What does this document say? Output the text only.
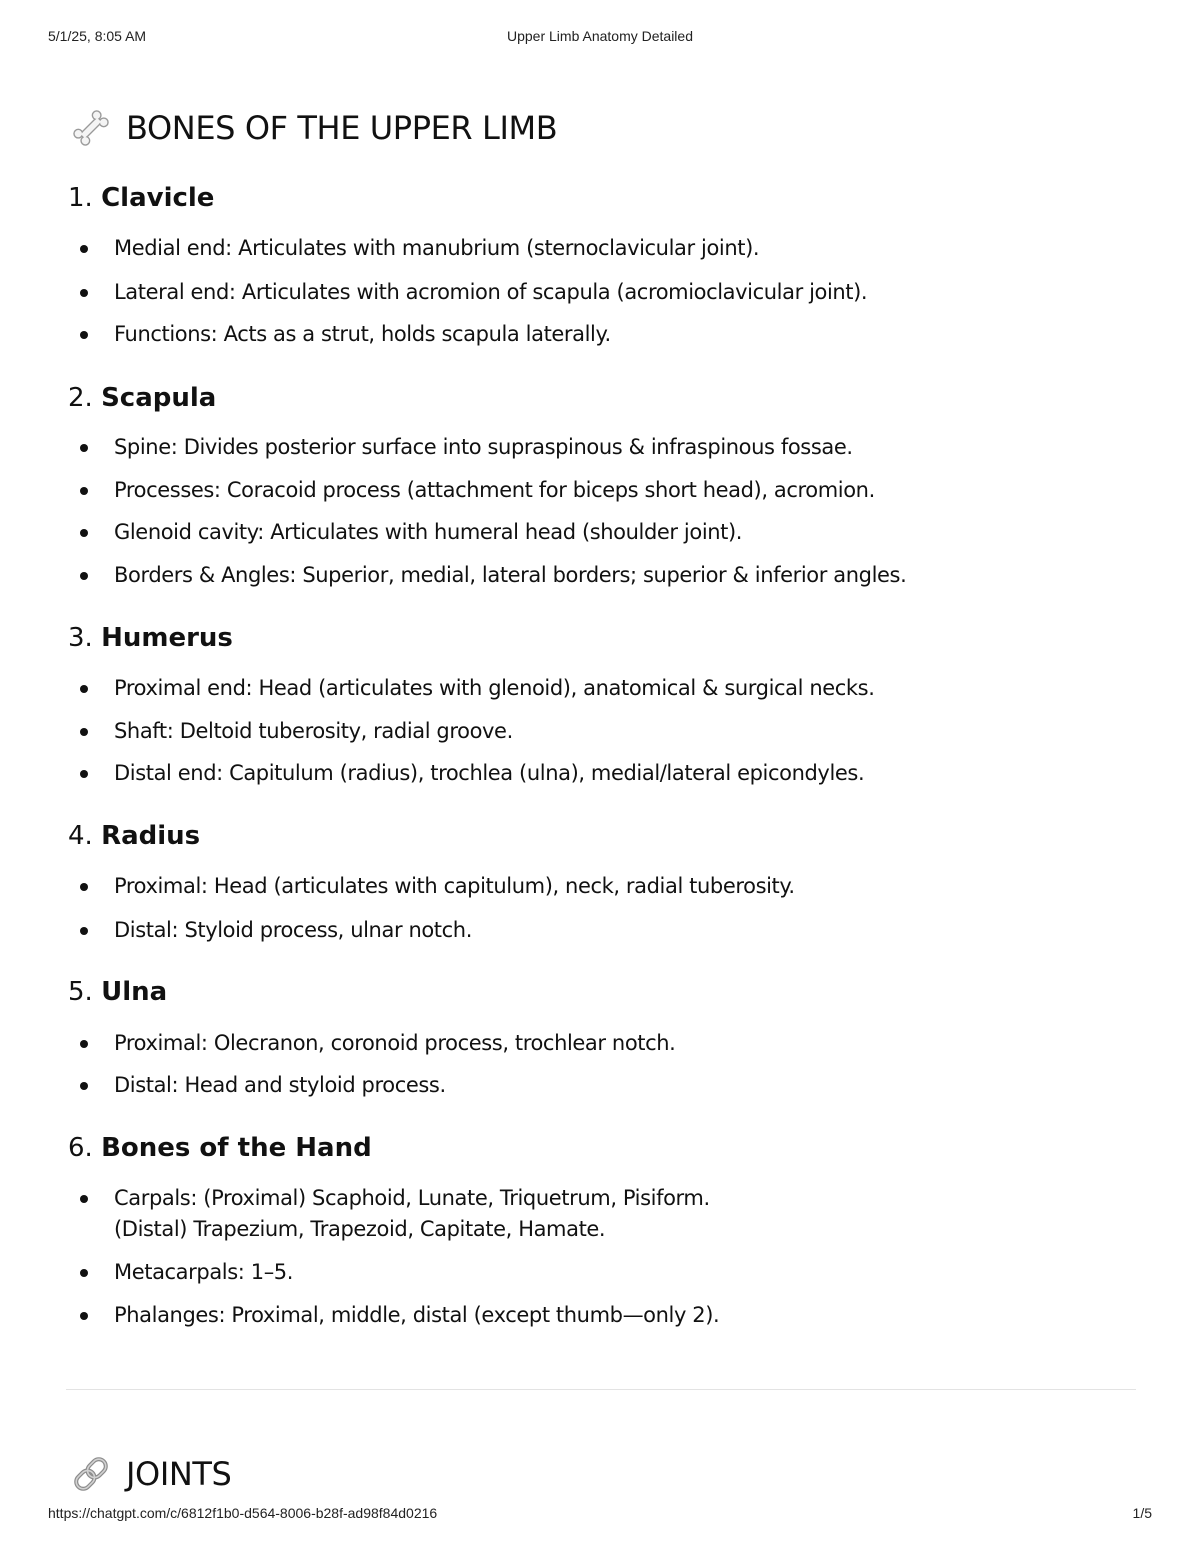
5/1/25, 8:05 AM	Upper Limb Anatomy Detailed
BONES OF THE UPPER LIMB
1. Clavicle
Medial end: Articulates with manubrium (sternoclavicular joint).
Lateral end: Articulates with acromion of scapula (acromioclavicular joint).
Functions: Acts as a strut, holds scapula laterally.
2. Scapula
Spine: Divides posterior surface into supraspinous & infraspinous fossae.
Processes: Coracoid process (attachment for biceps short head), acromion.
Glenoid cavity: Articulates with humeral head (shoulder joint).
Borders & Angles: Superior, medial, lateral borders; superior & inferior angles.
3. Humerus
Proximal end: Head (articulates with glenoid), anatomical & surgical necks.
Shaft: Deltoid tuberosity, radial groove.
Distal end: Capitulum (radius), trochlea (ulna), medial/lateral epicondyles.
4. Radius
Proximal: Head (articulates with capitulum), neck, radial tuberosity.
Distal: Styloid process, ulnar notch.
5. Ulna
Proximal: Olecranon, coronoid process, trochlear notch.
Distal: Head and styloid process.
6. Bones of the Hand
Carpals: (Proximal) Scaphoid, Lunate, Triquetrum, Pisiform.
(Distal) Trapezium, Trapezoid, Capitate, Hamate.
Metacarpals: 1–5.
Phalanges: Proximal, middle, distal (except thumb—only 2).
JOINTS
https://chatgpt.com/c/6812f1b0-d564-8006-b28f-ad98f84d0216	1/5
